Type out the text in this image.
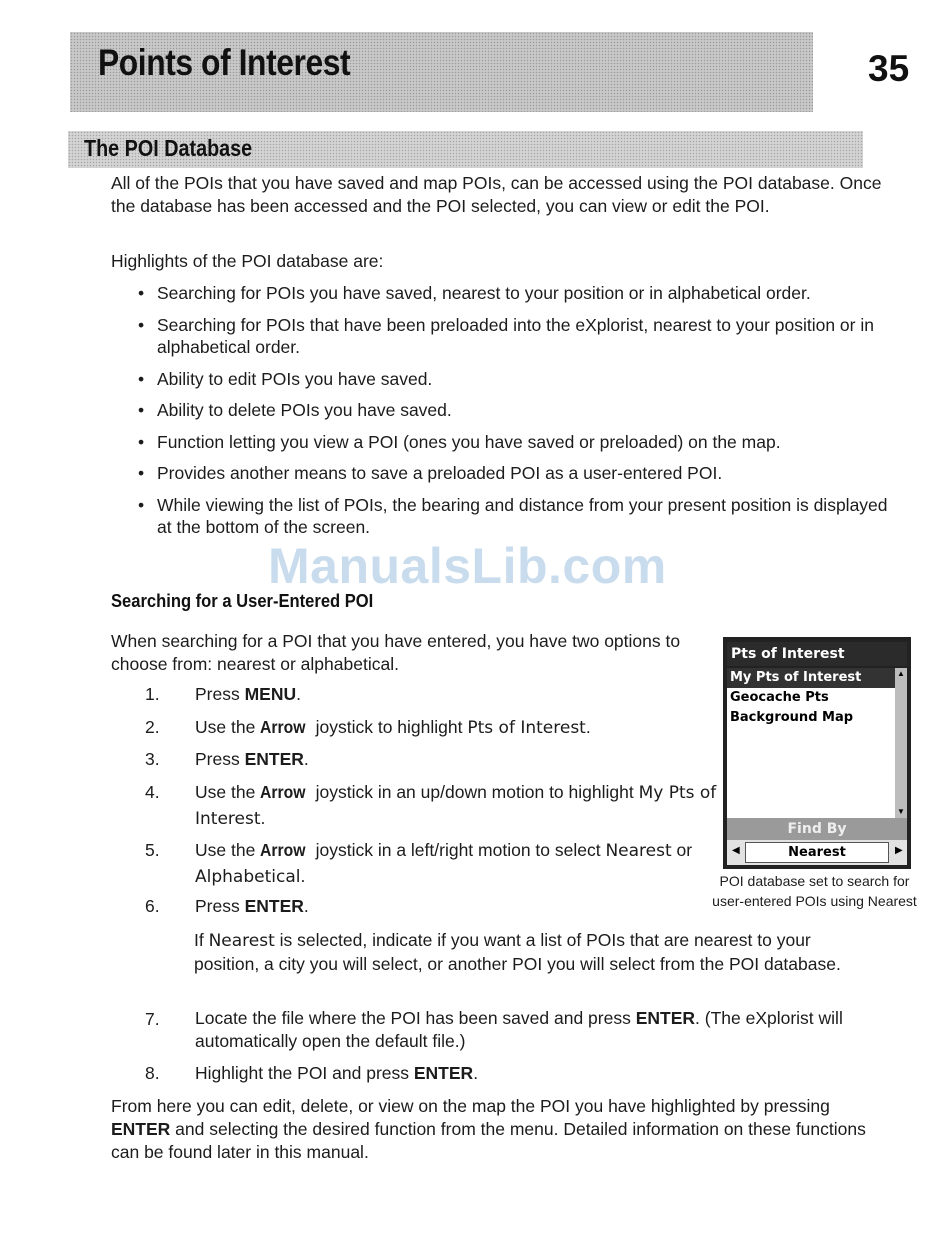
Points of Interest	35
The POI Database
All of the POIs that you have saved and map POIs, can be accessed using the POI database. Once the database has been accessed and the POI selected, you can view or edit the POI.
Highlights of the POI database are:
• Searching for POIs you have saved, nearest to your position or in alphabetical order.
• Searching for POIs that have been preloaded into the eXplorist, nearest to your position or in alphabetical order.
• Ability to edit POIs you have saved.
• Ability to delete POIs you have saved.
• Function letting you view a POI (ones you have saved or preloaded) on the map.
• Provides another means to save a preloaded POI as a user-entered POI.
• While viewing the list of POIs, the bearing and distance from your present position is displayed at the bottom of the screen.
ManualsLib.com
Searching for a User-Entered POI
When searching for a POI that you have entered, you have two options to choose from: nearest or alphabetical.
1. Press MENU.
2. Use the Arrow joystick to highlight Pts of Interest.
3. Press ENTER.
4. Use the Arrow joystick in an up/down motion to highlight My Pts of Interest.
5. Use the Arrow joystick in a left/right motion to select Nearest or Alphabetical.
6. Press ENTER.
If Nearest is selected, indicate if you want a list of POIs that are nearest to your position, a city you will select, or another POI you will select from the POI database.
7. Locate the file where the POI has been saved and press ENTER. (The eXplorist will automatically open the default file.)
8. Highlight the POI and press ENTER.
From here you can edit, delete, or view on the map the POI you have highlighted by pressing ENTER and selecting the desired function from the menu. Detailed information on these functions can be found later in this manual.
Pts of Interest
My Pts of Interest
Geocache Pts
Background Map
▲
▼
Find By
◀	Nearest	▶
POI database set to search for user-entered POIs using Nearest
